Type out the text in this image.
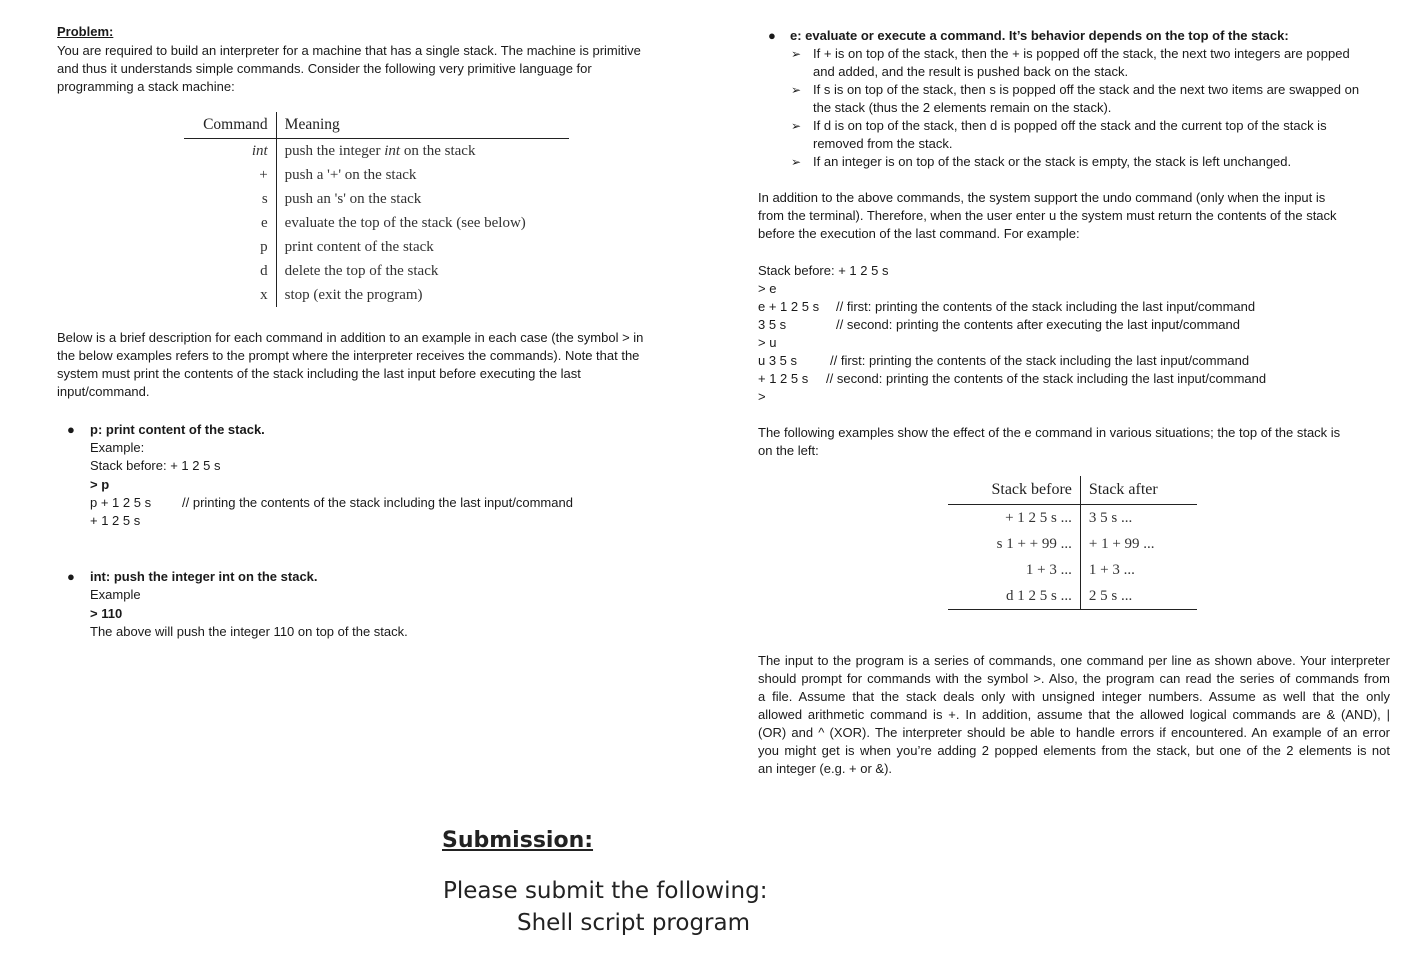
Problem:

You are required to build an interpreter for a machine that has a single stack. The machine is primitive

and thus it understands simple commands. Consider the following very primitive language for

programming a stack machine:

Command	Meaning
int	push the integer int on the stack
+	push a '+' on the stack
s	push an 's' on the stack
e	evaluate the top of the stack (see below)
p	print content of the stack
d	delete the top of the stack
x	stop (exit the program)

Below is a brief description for each command in addition to an example in each case (the symbol > in

the below examples refers to the prompt where the interpreter receives the commands). Note that the

system must print the contents of the stack including the last input before executing the last

input/command.

● p: print content of the stack.

Example:

Stack before: + 1 2 5 s

> p

p + 1 2 5 s // printing the contents of the stack including the last input/command

+ 1 2 5 s

● int: push the integer int on the stack.

Example

> 110

The above will push the integer 110 on top of the stack.

● e: evaluate or execute a command. It’s behavior depends on the top of the stack:

➢ If + is on top of the stack, then the + is popped off the stack, the next two integers are popped

and added, and the result is pushed back on the stack.

➢ If s is on top of the stack, then s is popped off the stack and the next two items are swapped on

the stack (thus the 2 elements remain on the stack).

➢ If d is on top of the stack, then d is popped off the stack and the current top of the stack is

removed from the stack.

➢ If an integer is on top of the stack or the stack is empty, the stack is left unchanged.

In addition to the above commands, the system support the undo command (only when the input is

from the terminal). Therefore, when the user enter u the system must return the contents of the stack

before the execution of the last command. For example:

Stack before: + 1 2 5 s

> e

e + 1 2 5 s // first: printing the contents of the stack including the last input/command

3 5 s	// second: printing the contents after executing the last input/command

> u

u 3 5 s	// first: printing the contents of the stack including the last input/command

+ 1 2 5 s // second: printing the contents of the stack including the last input/command

>

The following examples show the effect of the e command in various situations; the top of the stack is

on the left:

Stack before	Stack after
+ 1 2 5 s ...	3 5 s ...
s 1 + + 99 ...	+ 1 + 99 ...
1 + 3 ...	1 + 3 ...
d 1 2 5 s ...	2 5 s ...

The input to the program is a series of commands, one command per line as shown above. Your interpreter

should prompt for commands with the symbol >. Also, the program can read the series of commands from

a file. Assume that the stack deals only with unsigned integer numbers. Assume as well that the only

allowed arithmetic command is +. In addition, assume that the allowed logical commands are & (AND), |

(OR) and ^ (XOR). The interpreter should be able to handle errors if encountered. An example of an error

you might get is when you’re adding 2 popped elements from the stack, but one of the 2 elements is not

an integer (e.g. + or &).

Submission:

Please submit the following:

Shell script program
